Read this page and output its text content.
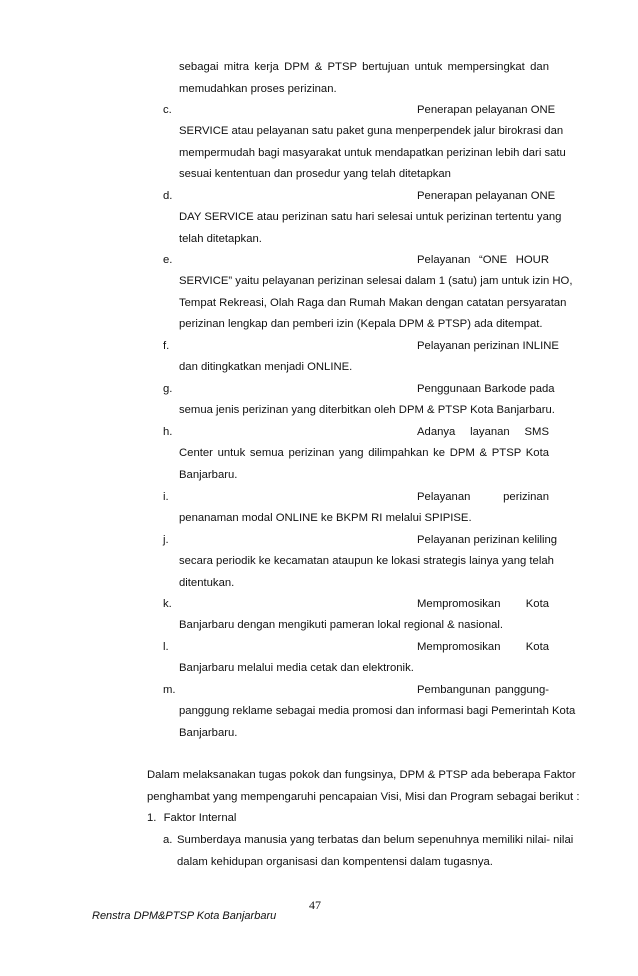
sebagai mitra kerja DPM & PTSP bertujuan untuk mempersingkat dan
memudahkan proses perizinan.
c.	Penerapan pelayanan ONE
SERVICE atau pelayanan satu paket guna menperpendek jalur birokrasi dan
mempermudah bagi masyarakat untuk mendapatkan perizinan lebih dari satu
sesuai kententuan dan prosedur yang telah ditetapkan
d.	Penerapan pelayanan ONE
DAY SERVICE atau perizinan satu hari selesai untuk perizinan tertentu yang
telah ditetapkan.
e.	Pelayanan “ONE HOUR
SERVICE” yaitu pelayanan perizinan selesai dalam 1 (satu) jam untuk izin HO,
Tempat Rekreasi, Olah Raga dan Rumah Makan dengan catatan persyaratan
perizinan lengkap dan pemberi izin (Kepala DPM & PTSP) ada ditempat.
f.	Pelayanan perizinan INLINE
dan ditingkatkan menjadi ONLINE.
g.	Penggunaan Barkode pada
semua jenis perizinan yang diterbitkan oleh DPM & PTSP Kota Banjarbaru.
h.	Adanya layanan SMS
Center untuk semua perizinan yang dilimpahkan ke DPM & PTSP Kota
Banjarbaru.
i.	Pelayanan perizinan
penanaman modal ONLINE ke BKPM RI melalui SPIPISE.
j.	Pelayanan perizinan keliling
secara periodik ke kecamatan ataupun ke lokasi strategis lainya yang telah
ditentukan.
k.	Mempromosikan Kota
Banjarbaru dengan mengikuti pameran lokal regional & nasional.
l.	Mempromosikan Kota
Banjarbaru melalui media cetak dan elektronik.
m.	Pembangunan panggung-
panggung reklame sebagai media promosi dan informasi bagi Pemerintah Kota
Banjarbaru.
Dalam melaksanakan tugas pokok dan fungsinya, DPM & PTSP ada beberapa Faktor
penghambat yang mempengaruhi pencapaian Visi, Misi dan Program sebagai berikut :
1. Faktor Internal
a. Sumberdaya manusia yang terbatas dan belum sepenuhnya memiliki nilai- nilai
dalam kehidupan organisasi dan kompentensi dalam tugasnya.
47
Renstra DPM&PTSP Kota Banjarbaru
